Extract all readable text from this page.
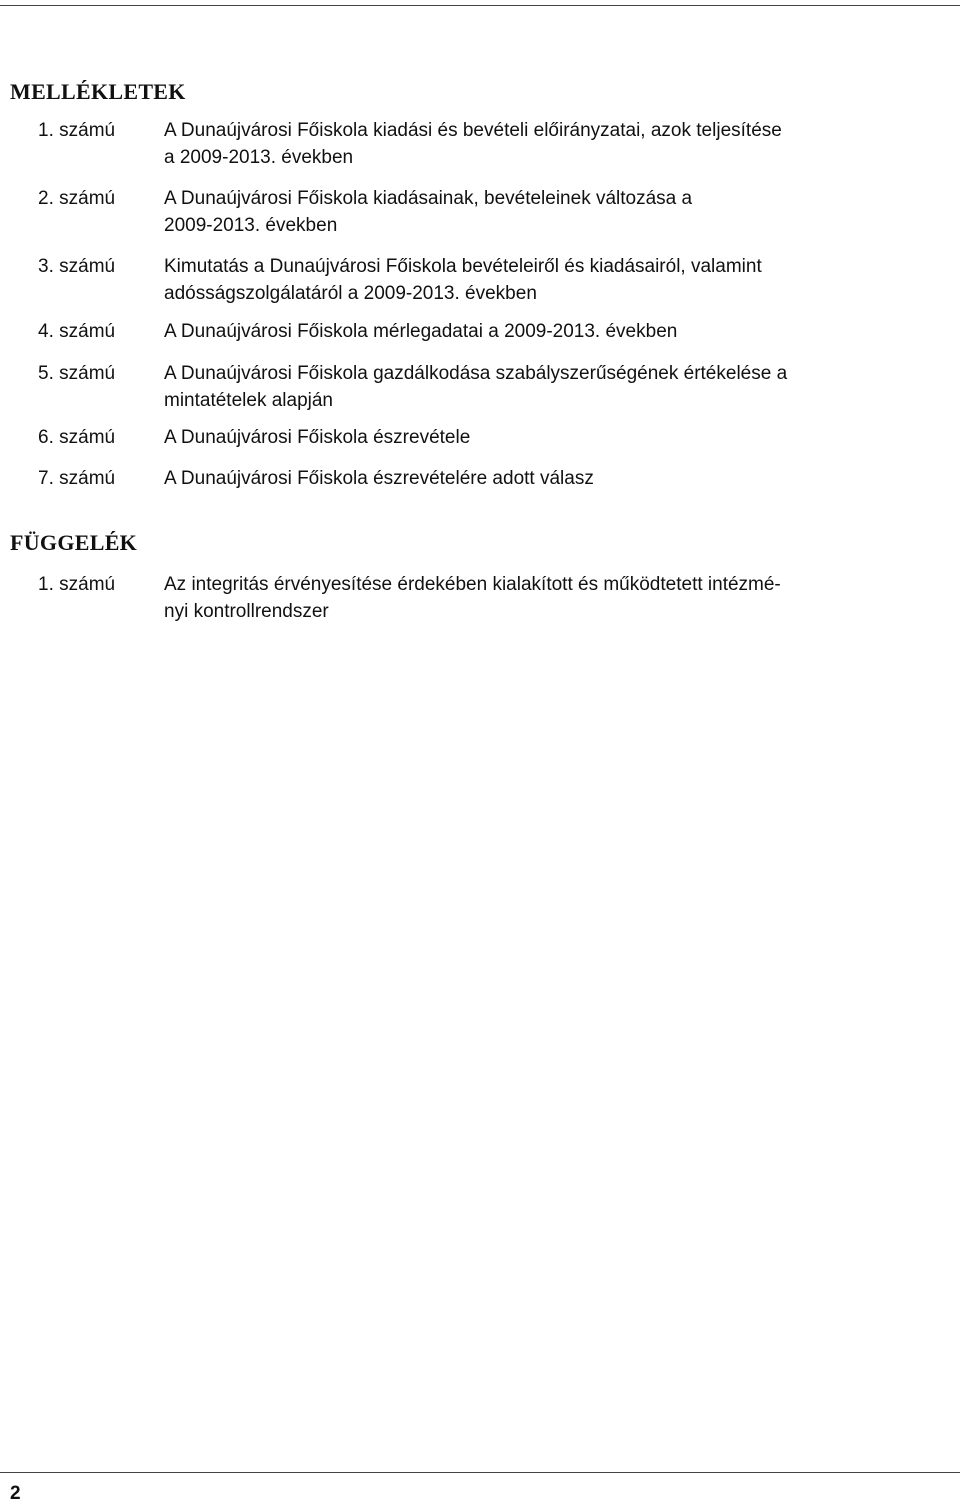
MELLÉKLETEK
1. számú	A Dunaújvárosi Főiskola kiadási és bevételi előirányzatai, azok teljesítése
a 2009-2013. években
2. számú	A Dunaújvárosi Főiskola kiadásainak, bevételeinek változása a
2009-2013. években
3. számú	Kimutatás a Dunaújvárosi Főiskola bevételeiről és kiadásairól, valamint
adósságszolgálatáról a 2009-2013. években
4. számú	A Dunaújvárosi Főiskola mérlegadatai a 2009-2013. években
5. számú	A Dunaújvárosi Főiskola gazdálkodása szabályszerűségének értékelése a
mintatételek alapján
6. számú	A Dunaújvárosi Főiskola észrevétele
7. számú	A Dunaújvárosi Főiskola észrevételére adott válasz
FÜGGELÉK
1. számú	Az integritás érvényesítése érdekében kialakított és működtetett intézmé-
nyi kontrollrendszer
2
